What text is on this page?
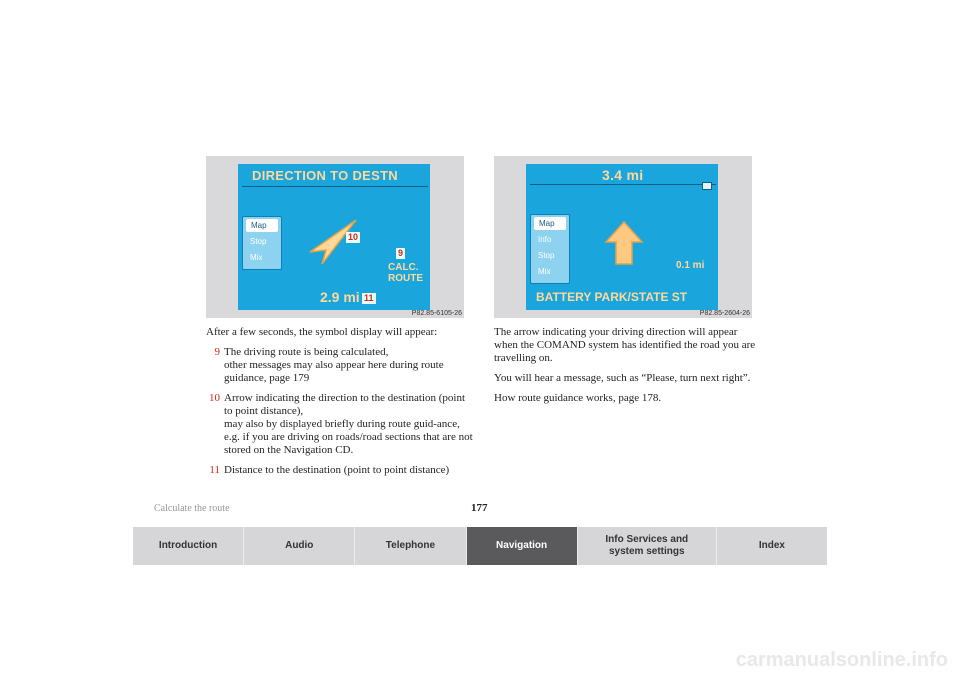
DIRECTION TO DESTN
Map
Stop
Mix
10
9
CALC.
ROUTE
2.9 mi 11
P82.85-6105-26
3.4 mi
Map
Info
Stop
Mix
0.1 mi
BATTERY PARK/STATE ST
P82.85-2604-26

After a few seconds, the symbol display will appear:

9 The driving route is being calculated,
other messages may also appear here during route guidance, page 179
10 Arrow indicating the direction to the destination (point to point distance),
may also by displayed briefly during route guid-ance, e.g. if you are driving on roads/road sections that are not stored on the Navigation CD.
11 Distance to the destination (point to point distance)

The arrow indicating your driving direction will appear when the COMAND system has identified the road you are travelling on.

You will hear a message, such as “Please, turn next right”.

How route guidance works, page 178.

Calculate the route	177
Introduction	Audio	Telephone	Navigation
Info Services and system settings
Index
carmanualsonline.info
